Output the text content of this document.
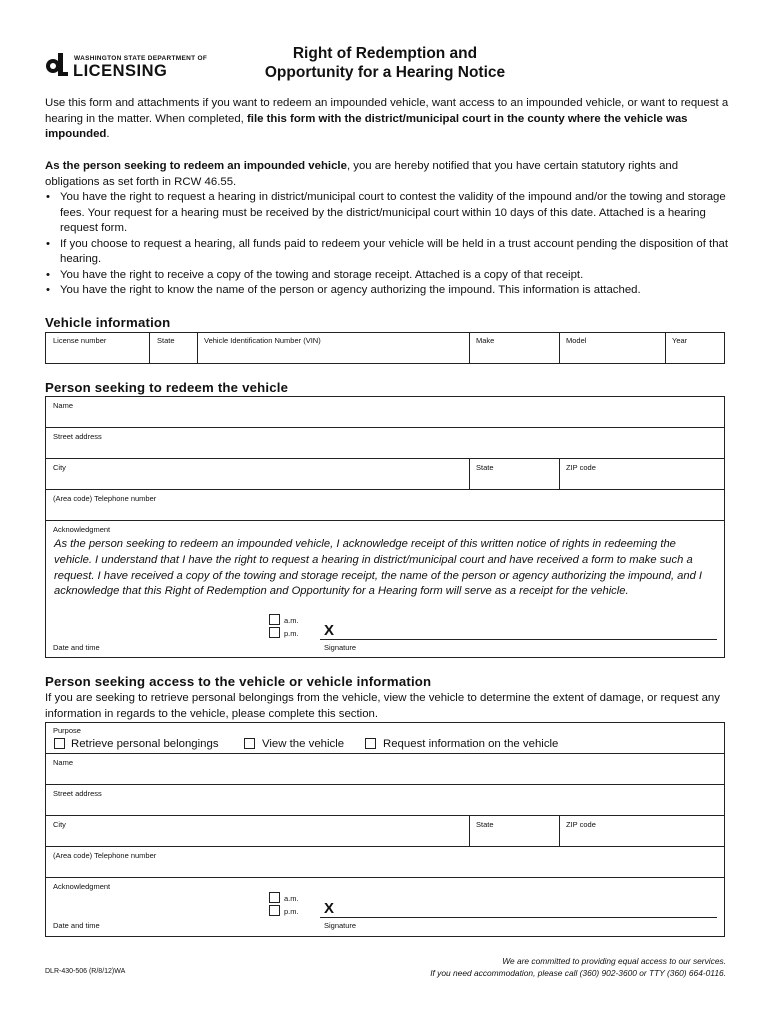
WASHINGTON STATE DEPARTMENT OF
LICENSING
Right of Redemption and
Opportunity for a Hearing Notice
Use this form and attachments if you want to redeem an impounded vehicle, want access to an impounded vehicle, or want to request a hearing in the matter. When completed, file this form with the district/municipal court in the county where the vehicle was impounded.
As the person seeking to redeem an impounded vehicle, you are hereby notified that you have certain statutory rights and obligations as set forth in RCW 46.55.
• You have the right to request a hearing in district/municipal court to contest the validity of the impound and/or the towing and storage fees. Your request for a hearing must be received by the district/municipal court within 10 days of this date. Attached is a hearing request form.
• If you choose to request a hearing, all funds paid to redeem your vehicle will be held in a trust account pending the disposition of that hearing.
• You have the right to receive a copy of the towing and storage receipt. Attached is a copy of that receipt.
• You have the right to know the name of the person or agency authorizing the impound. This information is attached.
Vehicle information
License number	State	Vehicle Identification Number (VIN)	Make	Model	Year
Person seeking to redeem the vehicle
Name
Street address
City	State	ZIP code
(Area code) Telephone number
Acknowledgment
As the person seeking to redeem an impounded vehicle, I acknowledge receipt of this written notice of rights in redeeming the vehicle. I understand that I have the right to request a hearing in district/municipal court and have received a form to make such a request. I have received a copy of the towing and storage receipt, the name of the person or agency authorizing the impound, and I acknowledge that this Right of Redemption and Opportunity for a Hearing form will serve as a receipt for the vehicle.
a.m.
p.m. X
Date and time	Signature
Person seeking access to the vehicle or vehicle information
If you are seeking to retrieve personal belongings from the vehicle, view the vehicle to determine the extent of damage, or request any information in regards to the vehicle, please complete this section.
Purpose
Retrieve personal belongings	View the vehicle	Request information on the vehicle
Name
Street address
City	State	ZIP code
(Area code) Telephone number
Acknowledgment
a.m.
p.m. X
Date and time	Signature
We are committed to providing equal access to our services.
If you need accommodation, please call (360) 902-3600 or TTY (360) 664-0116.
DLR-430-506 (R/8/12)WA
